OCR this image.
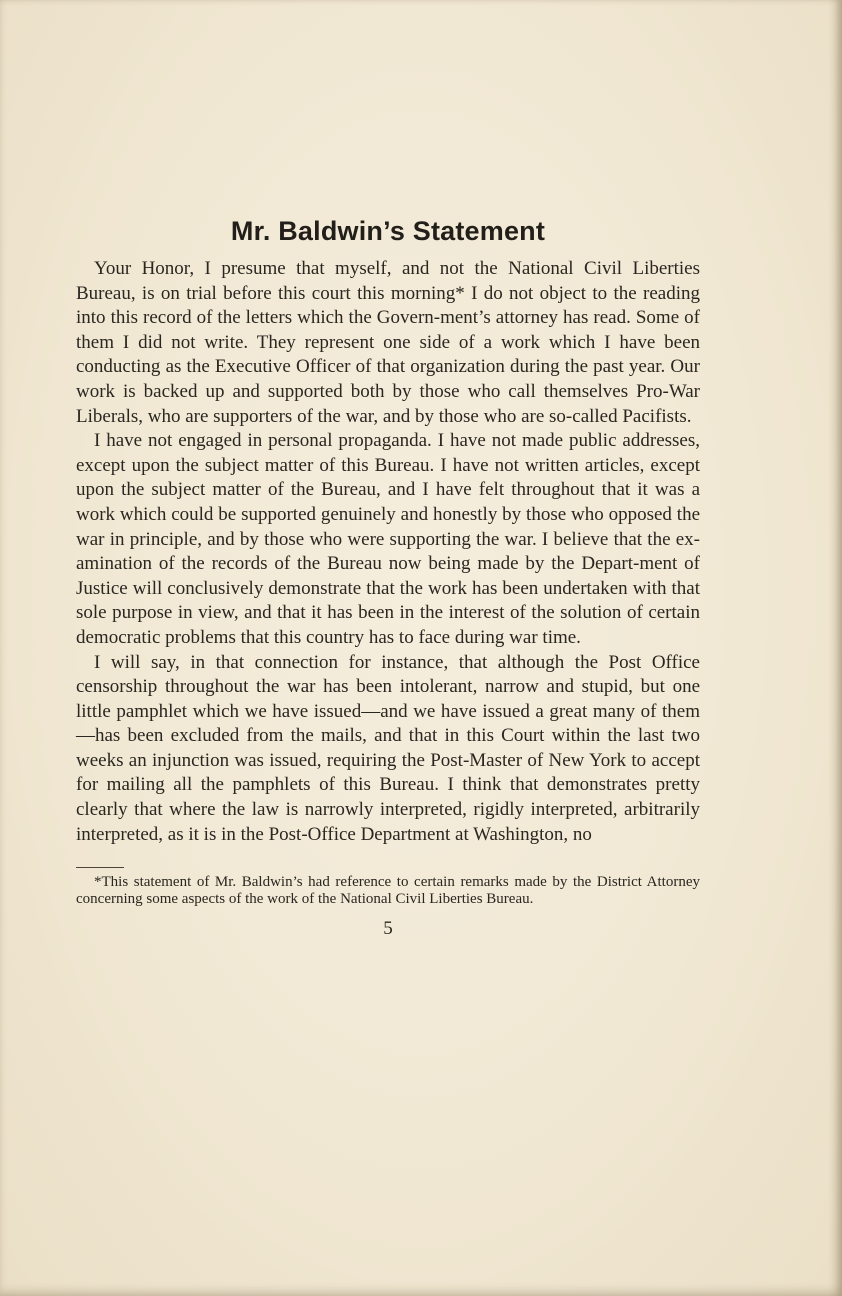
Mr. Baldwin’s Statement

Your Honor, I presume that myself, and not the National Civil Liberties Bureau, is on trial before this court this morning* I do not object to the reading into this record of the letters which the Govern-ment’s attorney has read. Some of them I did not write. They represent one side of a work which I have been conducting as the Executive Officer of that organization during the past year. Our work is backed up and supported both by those who call themselves Pro-War Liberals, who are supporters of the war, and by those who are so-called Pacifists.

I have not engaged in personal propaganda. I have not made public addresses, except upon the subject matter of this Bureau. I have not written articles, except upon the subject matter of the Bureau, and I have felt throughout that it was a work which could be supported genuinely and honestly by those who opposed the war in principle, and by those who were supporting the war. I believe that the ex-amination of the records of the Bureau now being made by the Depart-ment of Justice will conclusively demonstrate that the work has been undertaken with that sole purpose in view, and that it has been in the interest of the solution of certain democratic problems that this country has to face during war time.

I will say, in that connection for instance, that although the Post Office censorship throughout the war has been intolerant, narrow and stupid, but one little pamphlet which we have issued—and we have issued a great many of them—has been excluded from the mails, and that in this Court within the last two weeks an injunction was issued, requiring the Post-Master of New York to accept for mailing all the pamphlets of this Bureau. I think that demonstrates pretty clearly that where the law is narrowly interpreted, rigidly interpreted, arbitrarily interpreted, as it is in the Post-Office Department at Washington, no

*This statement of Mr. Baldwin’s had reference to certain remarks made by the District Attorney concerning some aspects of the work of the National Civil Liberties Bureau.

5
